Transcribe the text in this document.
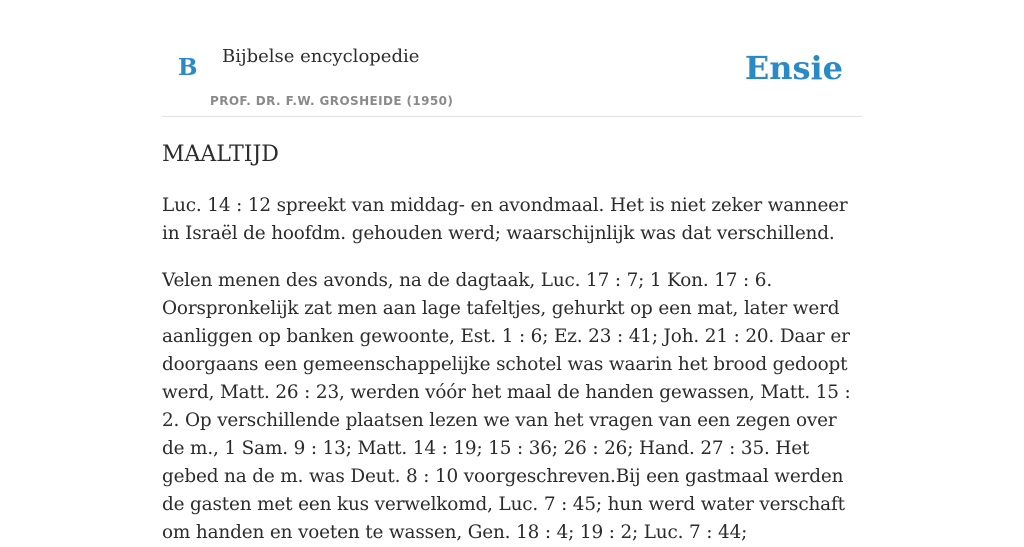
B Bijbelse encyclopedie
PROF. DR. F.W. GROSHEIDE (1950)
Ensie
MAALTIJD

Luc. 14 : 12 spreekt van middag- en avondmaal. Het is niet zeker wanneer in Israël de hoofdm. gehouden werd; waarschijnlijk was dat verschillend.

Velen menen des avonds, na de dagtaak, Luc. 17 : 7; 1 Kon. 17 : 6. Oorspronkelijk zat men aan lage tafeltjes, gehurkt op een mat, later werd aanliggen op banken gewoonte, Est. 1 : 6; Ez. 23 : 41; Joh. 21 : 20. Daar er doorgaans een gemeenschappelijke schotel was waarin het brood gedoopt werd, Matt. 26 : 23, werden vóór het maal de handen gewassen, Matt. 15 : 2. Op verschillende plaatsen lezen we van het vragen van een zegen over de m., 1 Sam. 9 : 13; Matt. 14 : 19; 15 : 36; 26 : 26; Hand. 27 : 35. Het gebed na de m. was Deut. 8 : 10 voorgeschreven.Bij een gastmaal werden de gasten met een kus verwelkomd, Luc. 7 : 45; hun werd water verschaft om handen en voeten te wassen, Gen. 18 : 4; 19 : 2; Luc. 7 : 44;
